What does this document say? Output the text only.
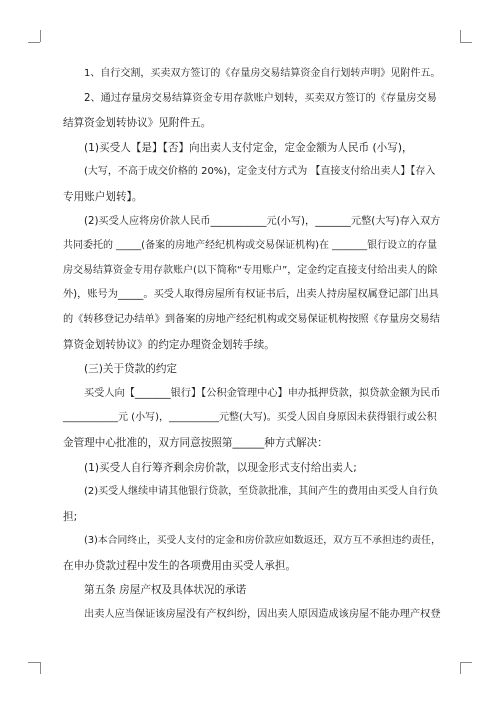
1、自行交割，买卖双方签订的《存量房交易结算资金自行划转声明》见附件五。

2、通过存量房交易结算资金专用存款账户划转，买卖双方签订的《存量房交易

结算资金划转协议》见附件五。

(1)买受人【是】【否】向出卖人支付定金，定金金额为人民币 (小写)，

(大写，不高于成交价格的 20%)，定金支付方式为 【直接支付给出卖人】【存入

专用账户划转】。

(2)买受人应将房价款人民币___________元(小写)，_______元整(大写)存入双方

共同委托的 _____(备案的房地产经纪机构或交易保证机构)在 _______银行设立的存量

房交易结算资金专用存款账户(以下简称“专用账户”，定金约定直接支付给出卖人的除

外)，账号为_____。买受人取得房屋所有权证书后，出卖人持房屋权属登记部门出具

的《转移登记办结单》到备案的房地产经纪机构或交易保证机构按照《存量房交易结

算资金划转协议》的约定办理资金划转手续。

(三)关于贷款的约定

买受人向【_______银行】【公积金管理中心】申办抵押贷款，拟贷款金额为民币

___________元 (小写)，__________元整(大写)。买受人因自身原因未获得银行或公积

金管理中心批准的，双方同意按照第______种方式解决：

(1)买受人自行筹齐剩余房价款，以现金形式支付给出卖人;

(2)买受人继续申请其他银行贷款，至贷款批准，其间产生的费用由买受人自行负

担;

(3)本合同终止，买受人支付的定金和房价款应如数返还，双方互不承担违约责任，

在申办贷款过程中发生的各项费用由买受人承担。

第五条 房屋产权及具体状况的承诺

出卖人应当保证该房屋没有产权纠纷，因出卖人原因造成该房屋不能办理产权登
